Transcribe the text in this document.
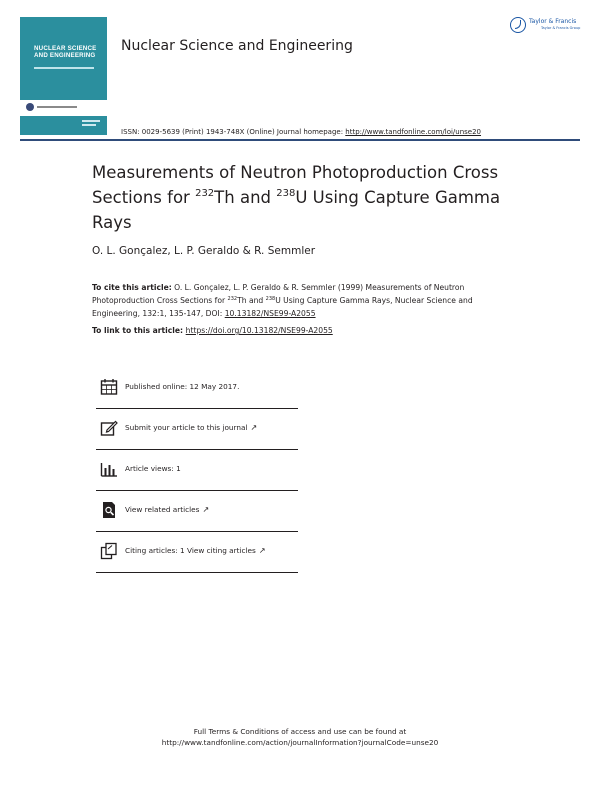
NUCLEAR SCIENCE
AND ENGINEERING
Nuclear Science and Engineering
Taylor & Francis
Taylor & Francis Group
ISSN: 0029-5639 (Print) 1943-748X (Online) Journal homepage: http://www.tandfonline.com/loi/unse20
Measurements of Neutron Photoproduction Cross Sections for $^{232}$Th and $^{238}$U Using Capture Gamma Rays
O. L. Gonçalez, L. P. Geraldo & R. Semmler
To cite this article: O. L. Gonçalez, L. P. Geraldo & R. Semmler (1999) Measurements of Neutron Photoproduction Cross Sections for $^{232}$Th and $^{238}$U Using Capture Gamma Rays, Nuclear Science and Engineering, 132:1, 135-147, DOI: 10.13182/NSE99-A2055
To link to this article: https://doi.org/10.13182/NSE99-A2055
Published online: 12 May 2017.
Submit your article to this journal ↗
Article views: 1
View related articles ↗
Citing articles: 1 View citing articles ↗
Full Terms & Conditions of access and use can be found at
http://www.tandfonline.com/action/journalInformation?journalCode=unse20
